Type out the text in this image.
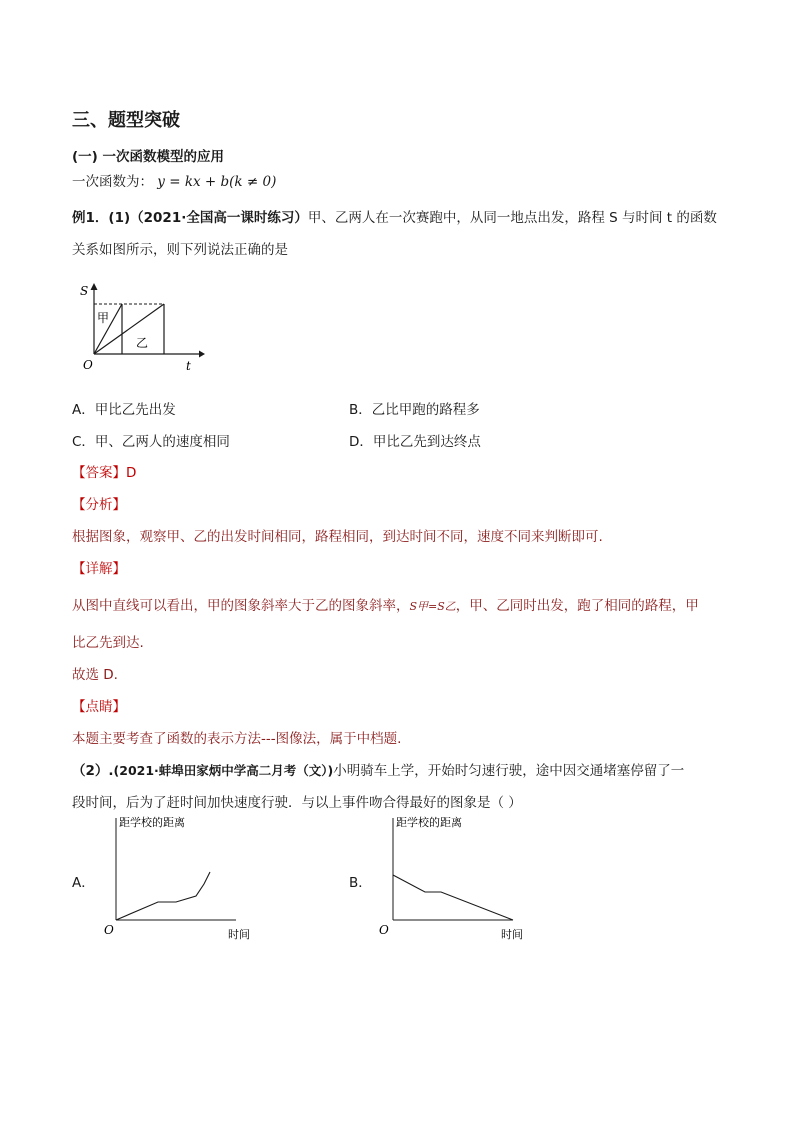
三、题型突破
(一) 一次函数模型的应用
一次函数为： y = kx + b(k ≠ 0)
例1．(1)（2021·全国高一课时练习）甲、乙两人在一次赛跑中，从同一地点出发，路程 S 与时间 t 的函数
关系如图所示，则下列说法正确的是
S
t
O
甲
乙
A．甲比乙先出发	B．乙比甲跑的路程多
C．甲、乙两人的速度相同	D．甲比乙先到达终点
【答案】D
【分析】
根据图象，观察甲、乙的出发时间相同，路程相同，到达时间不同，速度不同来判断即可.
【详解】
从图中直线可以看出，甲的图象斜率大于乙的图象斜率，S甲=S乙，甲、乙同时出发，跑了相同的路程，甲
比乙先到达.
故选 D.
【点睛】
本题主要考查了函数的表示方法---图像法，属于中档题.
（2）.(2021·蚌埠田家炳中学高二月考（文）)小明骑车上学，开始时匀速行驶，途中因交通堵塞停留了一
段时间，后为了赶时间加快速度行驶．与以上事件吻合得最好的图象是（ ）
A．
距学校的距离
时间
O
B．
距学校的距离
时间
O
